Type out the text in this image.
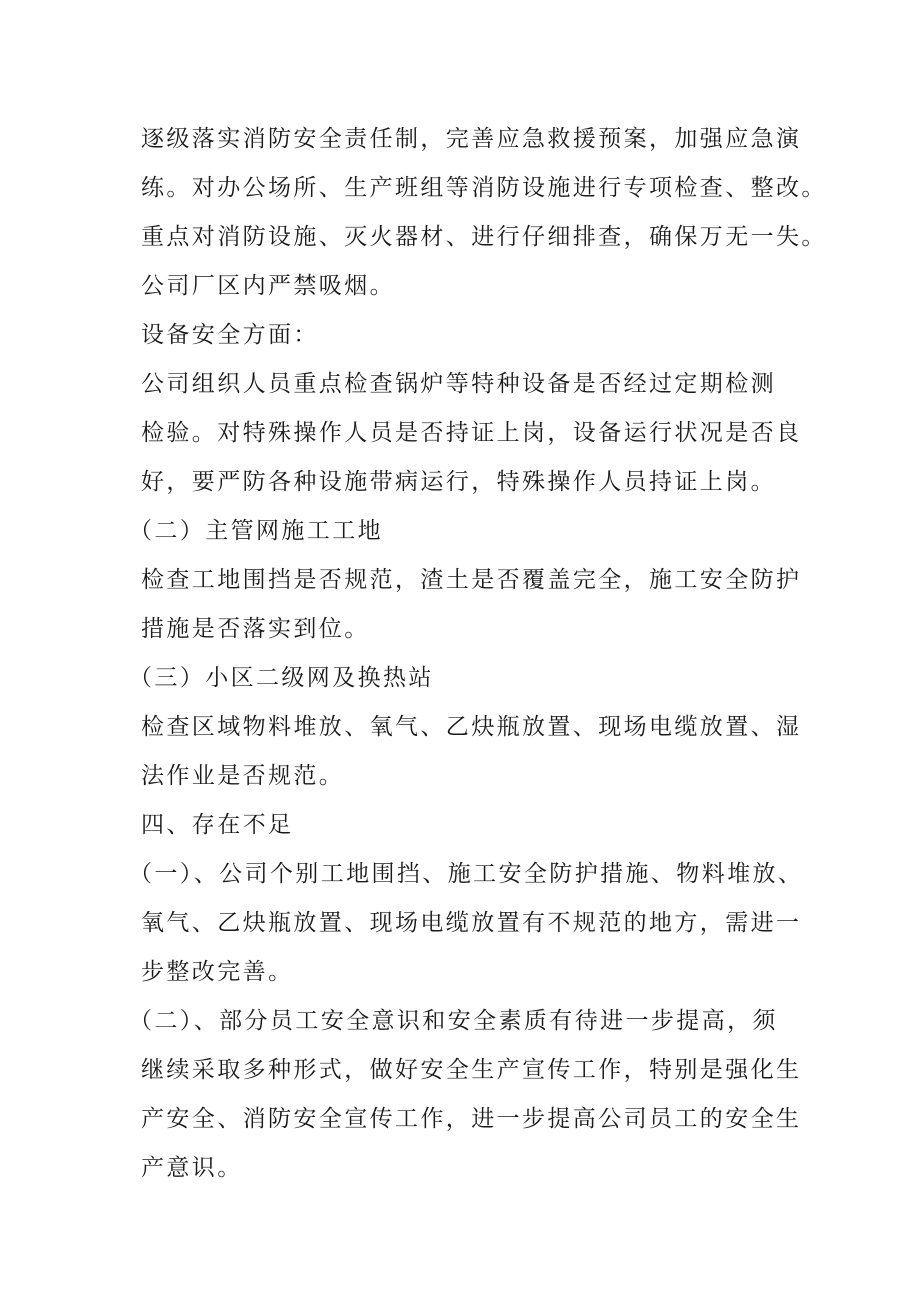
逐级落实消防安全责任制，完善应急救援预案，加强应急演
练。对办公场所、生产班组等消防设施进行专项检查、整改。
重点对消防设施、灭火器材、进行仔细排查，确保万无一失。
公司厂区内严禁吸烟。
设备安全方面：
公司组织人员重点检查锅炉等特种设备是否经过定期检测
检验。对特殊操作人员是否持证上岗，设备运行状况是否良
好，要严防各种设施带病运行，特殊操作人员持证上岗。
（二）主管网施工工地
检查工地围挡是否规范，渣土是否覆盖完全，施工安全防护
措施是否落实到位。
（三）小区二级网及换热站
检查区域物料堆放、氧气、乙炔瓶放置、现场电缆放置、湿
法作业是否规范。
四、存在不足
（一）、公司个别工地围挡、施工安全防护措施、物料堆放、
氧气、乙炔瓶放置、现场电缆放置有不规范的地方，需进一
步整改完善。
（二）、部分员工安全意识和安全素质有待进一步提高，须
继续采取多种形式，做好安全生产宣传工作，特别是强化生
产安全、消防安全宣传工作，进一步提高公司员工的安全生
产意识。
